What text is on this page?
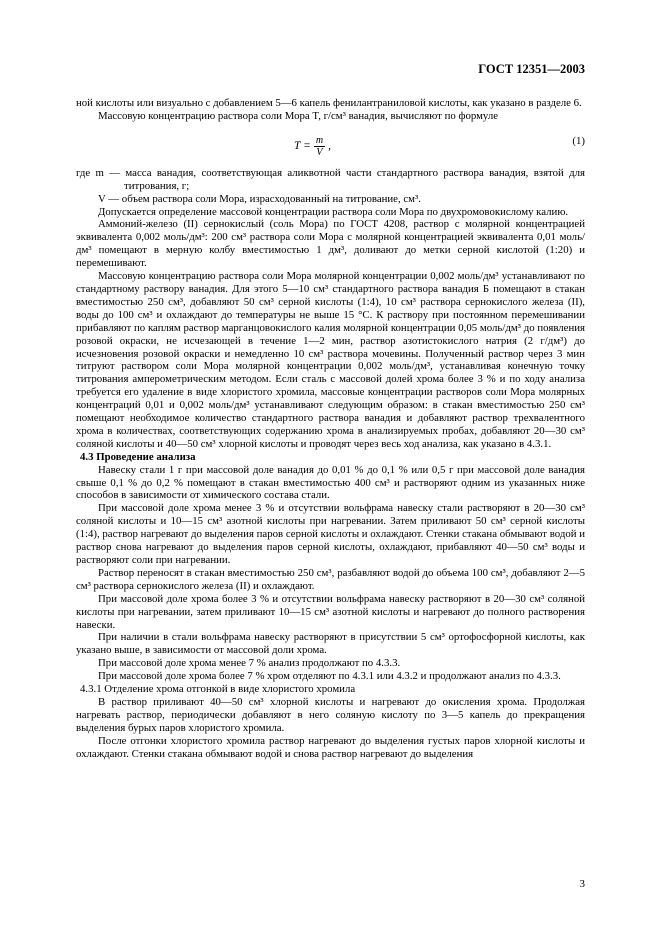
ГОСТ 12351—2003

ной кислоты или визуально с добавлением 5—6 капель фенилантраниловой кислоты, как указано в разделе 6.

Массовую концентрацию раствора соли Мора T, г/см³ ванадия, вычисляют по формуле

$T = \frac{m}{V}$ ,	(1)

где m — масса ванадия, соответствующая аликвотной части стандартного раствора ванадия, взятой для титрования, г;

V — объем раствора соли Мора, израсходованный на титрование, см³.

Допускается определение массовой концентрации раствора соли Мора по двухромовокислому калию.

Аммоний-железо (II) сернокислый (соль Мора) по ГОСТ 4208, раствор с молярной концентрацией эквивалента 0,002 моль/дм³: 200 см³ раствора соли Мора с молярной концентрацией эквивалента 0,01 моль/дм³ помещают в мерную колбу вместимостью 1 дм³, доливают до метки серной кислотой (1:20) и перемешивают.

Массовую концентрацию раствора соли Мора молярной концентрации 0,002 моль/дм³ устанавливают по стандартному раствору ванадия. Для этого 5—10 см³ стандартного раствора ванадия Б помещают в стакан вместимостью 250 см³, добавляют 50 см³ серной кислоты (1:4), 10 см³ раствора сернокислого железа (II), воды до 100 см³ и охлаждают до температуры не выше 15 °С. К раствору при постоянном перемешивании прибавляют по каплям раствор марганцовокислого калия молярной концентрации 0,05 моль/дм³ до появления розовой окраски, не исчезающей в течение 1—2 мин, раствор азотистокислого натрия (2 г/дм³) до исчезновения розовой окраски и немедленно 10 см³ раствора мочевины. Полученный раствор через 3 мин титруют раствором соли Мора молярной концентрации 0,002 моль/дм³, устанавливая конечную точку титрования амперометрическим методом. Если сталь с массовой долей хрома более 3 % и по ходу анализа требуется его удаление в виде хлористого хромила, массовые концентрации растворов соли Мора молярных концентраций 0,01 и 0,002 моль/дм³ устанавливают следующим образом: в стакан вместимостью 250 см³ помещают необходимое количество стандартного раствора ванадия и добавляют раствор трехвалентного хрома в количествах, соответствующих содержанию хрома в анализируемых пробах, добавляют 20—30 см³ соляной кислоты и 40—50 см³ хлорной кислоты и проводят через весь ход анализа, как указано в 4.3.1.

4.3 Проведение анализа

Навеску стали 1 г при массовой доле ванадия до 0,01 % до 0,1 % или 0,5 г при массовой доле ванадия свыше 0,1 % до 0,2 % помещают в стакан вместимостью 400 см³ и растворяют одним из указанных ниже способов в зависимости от химического состава стали.

При массовой доле хрома менее 3 % и отсутствии вольфрама навеску стали растворяют в 20—30 см³ соляной кислоты и 10—15 см³ азотной кислоты при нагревании. Затем приливают 50 см³ серной кислоты (1:4), раствор нагревают до выделения паров серной кислоты и охлаждают. Стенки стакана обмывают водой и раствор снова нагревают до выделения паров серной кислоты, охлаждают, прибавляют 40—50 см³ воды и растворяют соли при нагревании.

Раствор переносят в стакан вместимостью 250 см³, разбавляют водой до объема 100 см³, добавляют 2—5 см³ раствора сернокислого железа (II) и охлаждают.

При массовой доле хрома более 3 % и отсутствии вольфрама навеску растворяют в 20—30 см³ соляной кислоты при нагревании, затем приливают 10—15 см³ азотной кислоты и нагревают до полного растворения навески.

При наличии в стали вольфрама навеску растворяют в присутствии 5 см³ ортофосфорной кислоты, как указано выше, в зависимости от массовой доли хрома.

При массовой доле хрома менее 7 % анализ продолжают по 4.3.3.

При массовой доле хрома более 7 % хром отделяют по 4.3.1 или 4.3.2 и продолжают анализ по 4.3.3.

4.3.1 Отделение хрома отгонкой в виде хлористого хромила

В раствор приливают 40—50 см³ хлорной кислоты и нагревают до окисления хрома. Продолжая нагревать раствор, периодически добавляют в него соляную кислоту по 3—5 капель до прекращения выделения бурых паров хлористого хромила.

После отгонки хлористого хромила раствор нагревают до выделения густых паров хлорной кислоты и охлаждают. Стенки стакана обмывают водой и снова раствор нагревают до выделения

3
